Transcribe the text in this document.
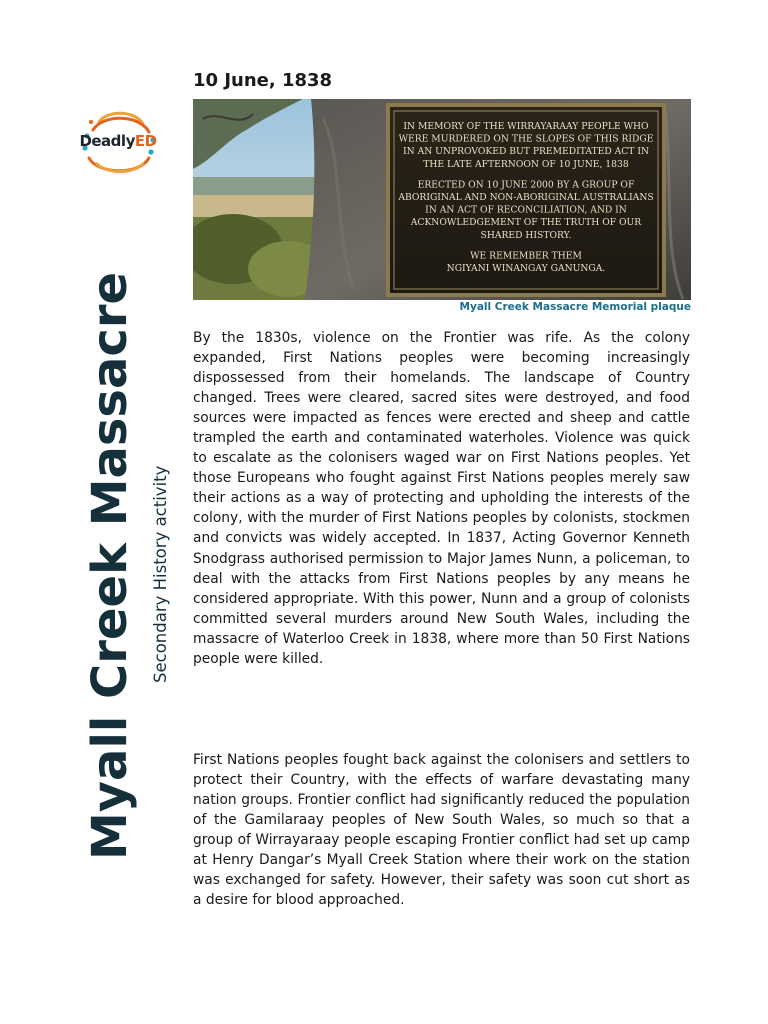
DeadlyED
Myall Creek Massacre Secondary History activity
10 June, 1838
IN MEMORY OF THE WIRRAYARAAY PEOPLE WHO
WERE MURDERED ON THE SLOPES OF THIS RIDGE
IN AN UNPROVOKED BUT PREMEDITATED ACT IN
THE LATE AFTERNOON OF 10 JUNE, 1838
ERECTED ON 10 JUNE 2000 BY A GROUP OF
ABORIGINAL AND NON-ABORIGINAL AUSTRALIANS
IN AN ACT OF RECONCILIATION, AND IN
ACKNOWLEDGEMENT OF THE TRUTH OF OUR
SHARED HISTORY.
WE REMEMBER THEM
NGIYANI WINANGAY GANUNGA.
Myall Creek Massacre Memorial plaque

By the 1830s, violence on the Frontier was rife. As the colony expanded, First Nations peoples were becoming increasingly dispossessed from their homelands. The landscape of Country changed. Trees were cleared, sacred sites were destroyed, and food sources were impacted as fences were erected and sheep and cattle trampled the earth and contaminated waterholes. Violence was quick to escalate as the colonisers waged war on First Nations peoples. Yet those Europeans who fought against First Nations peoples merely saw their actions as a way of protecting and upholding the interests of the colony, with the murder of First Nations peoples by colonists, stockmen and convicts was widely accepted. In 1837, Acting Governor Kenneth Snodgrass authorised permission to Major James Nunn, a policeman, to deal with the attacks from First Nations peoples by any means he considered appropriate. With this power, Nunn and a group of colonists committed several murders around New South Wales, including the massacre of Waterloo Creek in 1838, where more than 50 First Nations people were killed.

First Nations peoples fought back against the colonisers and settlers to protect their Country, with the effects of warfare devastating many nation groups. Frontier conflict had significantly reduced the population of the Gamilaraay peoples of New South Wales, so much so that a group of Wirrayaraay people escaping Frontier conflict had set up camp at Henry Dangar’s Myall Creek Station where their work on the station was exchanged for safety. However, their safety was soon cut short as a desire for blood approached.
